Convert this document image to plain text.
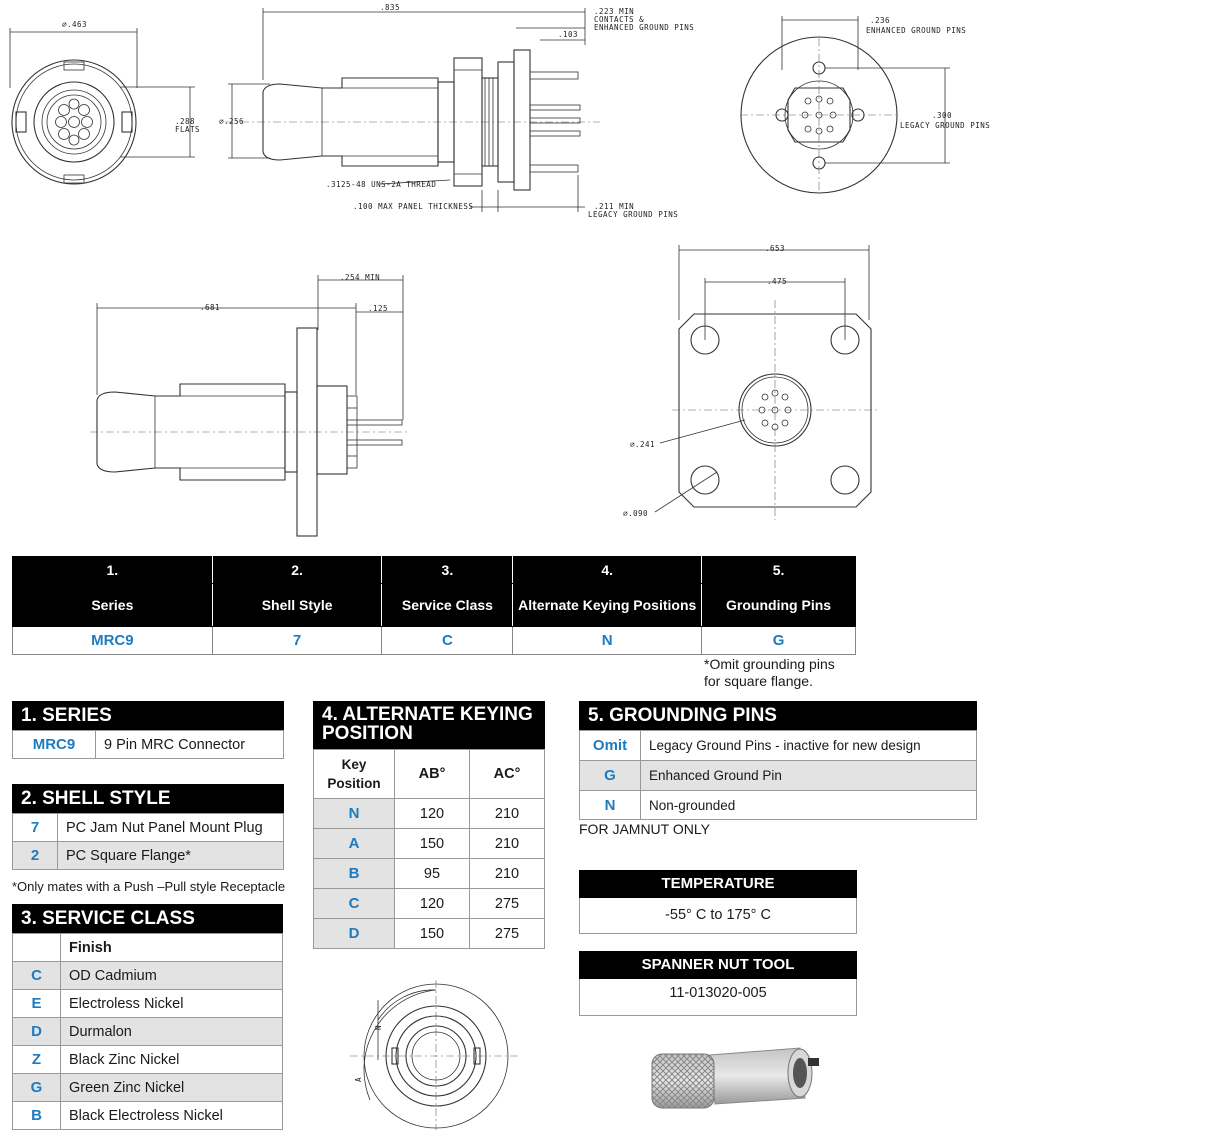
⌀.463
.288
FLATS
.835	.223 MIN
CONTACTS &
ENHANCED GROUND PINS
.103
⌀.256
.3125-48 UNS-2A THREAD
.100 MAX PANEL THICKNESS	.211 MIN
LEGACY GROUND PINS
.236
ENHANCED GROUND PINS
.300
LEGACY GROUND PINS
.681
.254 MIN
.125
.653
.475
⌀.241
⌀.090
N
A
1.	2.	3.	4.	5.
Series	Shell Style	Service Class	Alternate Keying Positions	Grounding Pins
MRC9	7	C	N	G
*Omit grounding pins
for square flange.
1. SERIES
MRC9	9 Pin MRC Connector
2. SHELL STYLE
7	PC Jam Nut Panel Mount Plug
2	PC Square Flange*
*Only mates with a Push –Pull style Receptacle
3. SERVICE CLASS
	Finish
C	OD Cadmium
E	Electroless Nickel
D	Durmalon
Z	Black Zinc Nickel
G	Green Zinc Nickel
B	Black Electroless Nickel
4. ALTERNATE KEYING
POSITION
Key
Position	AB°	AC°
N	120	210
A	150	210
B	95	210
C	120	275
D	150	275
5. GROUNDING PINS
Omit	Legacy Ground Pins - inactive for new design
G	Enhanced Ground Pin
N	Non-grounded
FOR JAMNUT ONLY
TEMPERATURE
-55° C to 175° C
SPANNER NUT TOOL
11-013020-005
